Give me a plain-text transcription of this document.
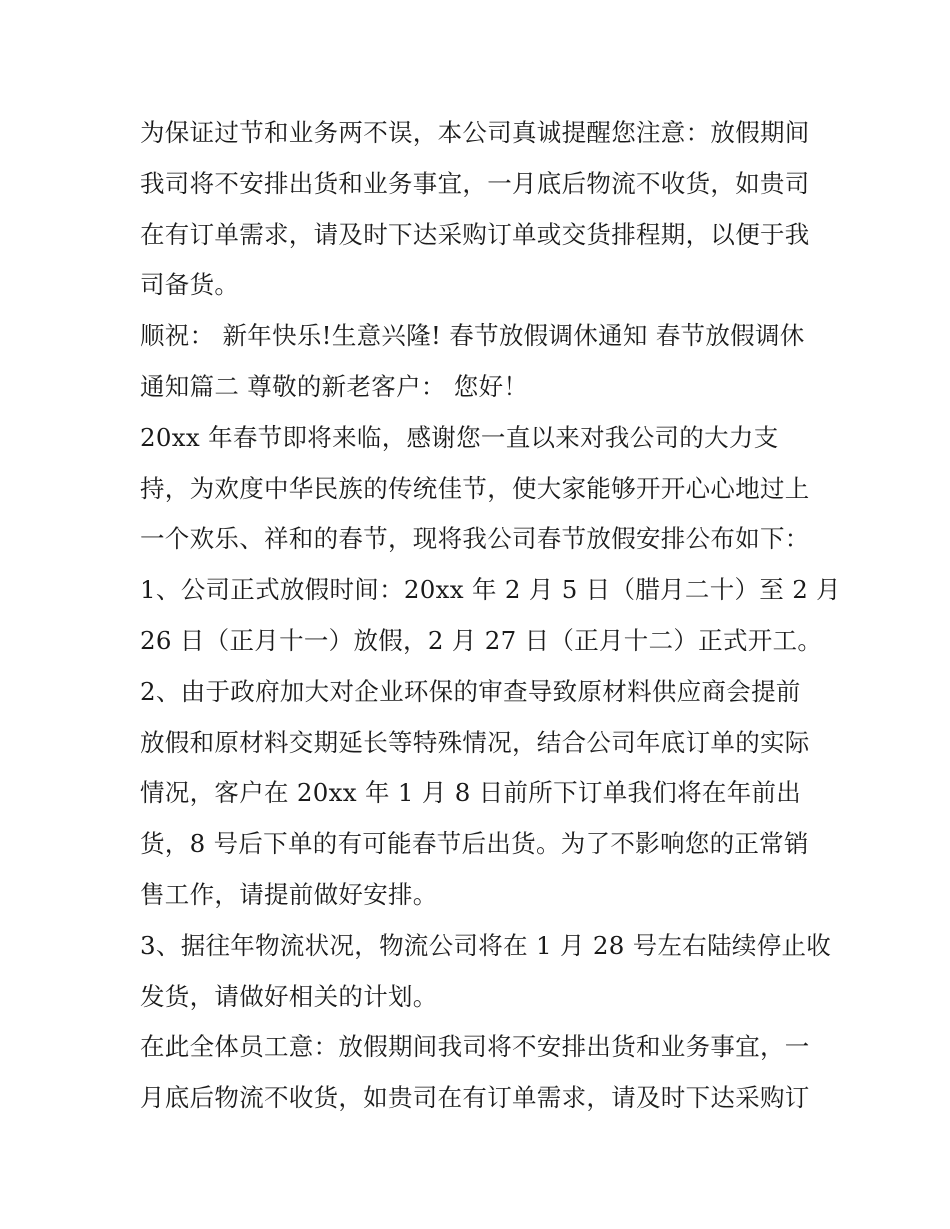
为保证过节和业务两不误，本公司真诚提醒您注意：放假期间
我司将不安排出货和业务事宜，一月底后物流不收货，如贵司
在有订单需求，请及时下达采购订单或交货排程期，以便于我
司备货。
顺祝： 新年快乐!生意兴隆! 春节放假调休通知 春节放假调休
通知篇二 尊敬的新老客户： 您好！
20xx 年春节即将来临，感谢您一直以来对我公司的大力支
持，为欢度中华民族的传统佳节，使大家能够开开心心地过上
一个欢乐、祥和的春节，现将我公司春节放假安排公布如下：
1、公司正式放假时间：20xx 年 2 月 5 日（腊月二十）至 2 月
26 日（正月十一）放假，2 月 27 日（正月十二）正式开工。
2、由于政府加大对企业环保的审查导致原材料供应商会提前
放假和原材料交期延长等特殊情况，结合公司年底订单的实际
情况，客户在 20xx 年 1 月 8 日前所下订单我们将在年前出
货，8 号后下单的有可能春节后出货。为了不影响您的正常销
售工作，请提前做好安排。
3、据往年物流状况，物流公司将在 1 月 28 号左右陆续停止收
发货，请做好相关的计划。
在此全体员工意：放假期间我司将不安排出货和业务事宜，一
月底后物流不收货，如贵司在有订单需求，请及时下达采购订
